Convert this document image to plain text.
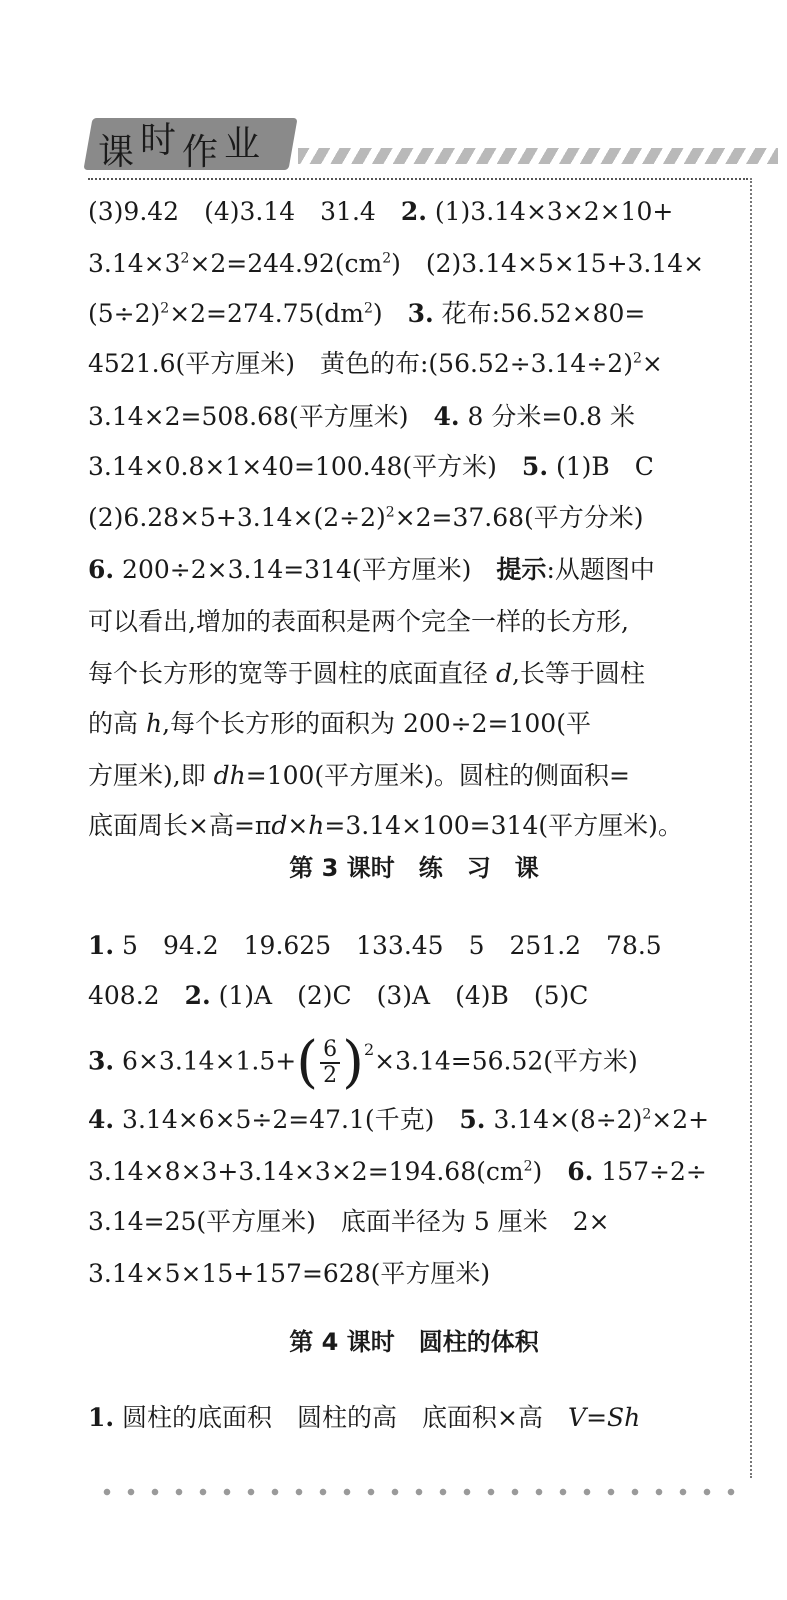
课时作业
(3)9.42　(4)3.14　31.4　2. (1)3.14×3×2×10+
$3.14\times 3^2\times 2=244.92(cm^2)$　(2)3.14×5×15+3.14×
$(5\div 2)^2\times 2=274.75(dm^2)$　3. 花布:56.52×80=
4521.6(平方厘米)　黄色的布$:(56.52\div 3.14\div 2)^2\times$
3.14×2=508.68(平方厘米)　4. 8 分米=0.8 米
3.14×0.8×1×40=100.48(平方米)　5. (1)B　C
$(2)6.28\times 5+3.14\times(2\div 2)^2\times 2=37.68$(平方分米)
6. 200÷2×3.14=314(平方厘米)　提示:从题图中
可以看出,增加的表面积是两个完全一样的长方形,
每个长方形的宽等于圆柱的底面直径 d,长等于圆柱
的高 h,每个长方形的面积为 200÷2=100(平
方厘米),即 dh=100(平方厘米)。圆柱的侧面积=
底面周长×高=πd×h=3.14×100=314(平方厘米)。
第 3 课时　练　习　课
1. 5　94.2　19.625　133.45　5　251.2　78.5
408.2　2. (1)A　(2)C　(3)A　(4)B　(5)C
3. $6\times 3.14\times 1.5+( \frac{6}{2} )^2\times 3.14=56.52$(平方米)
4. 3.14×6×5÷2=47.1(千克)　5. $3.14\times(8\div 2)^2\times 2+$
$3.14\times 8\times 3+3.14\times 3\times 2=194.68(cm^2)$　6. 157÷2÷
3.14=25(平方厘米)　底面半径为 5 厘米　2×
3.14×5×15+157=628(平方厘米)
第 4 课时　圆柱的体积
1. 圆柱的底面积　圆柱的高　底面积×高　V=Sh
